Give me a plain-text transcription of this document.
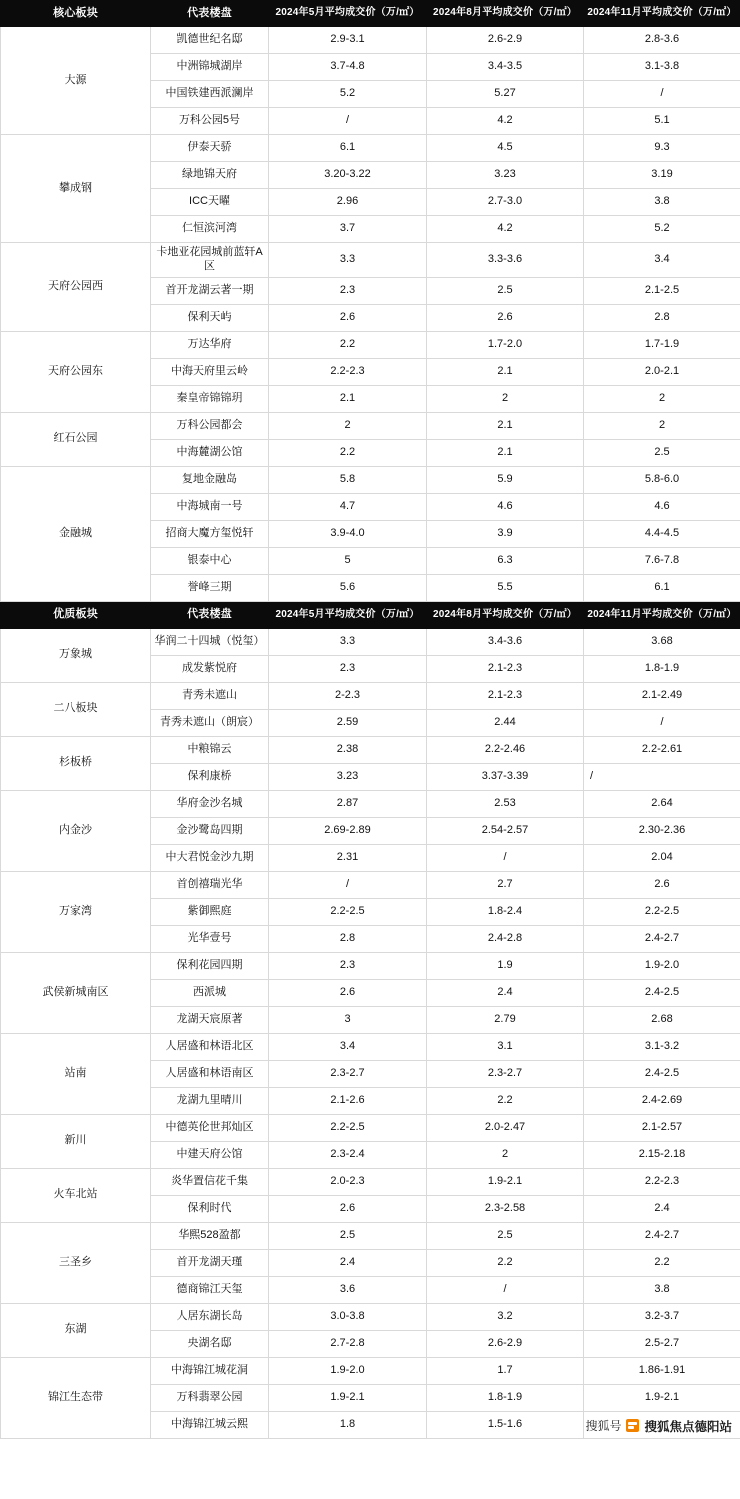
核心板块	代表楼盘	2024年5月平均成交价（万/㎡）	2024年8月平均成交价（万/㎡）	2024年11月平均成交价（万/㎡）
大源	凯德世纪名邸	2.9-3.1	2.6-2.9	2.8-3.6
	中洲锦城湖岸	3.7-4.8	3.4-3.5	3.1-3.8
	中国铁建西派澜岸	5.2	5.27	/
	万科公园5号	/	4.2	5.1
攀成钢	伊泰天骄	6.1	4.5	9.3
	绿地锦天府	3.20-3.22	3.23	3.19
	ICC天曜	2.96	2.7-3.0	3.8
	仁恒滨河湾	3.7	4.2	5.2
天府公园西	卡地亚花园城前蓝轩A区	3.3	3.3-3.6	3.4
	首开龙湖云著一期	2.3	2.5	2.1-2.5
	保利天屿	2.6	2.6	2.8
天府公园东	万达华府	2.2	1.7-2.0	1.7-1.9
	中海天府里云岭	2.2-2.3	2.1	2.0-2.1
	秦皇帝锦锦玥	2.1	2	2
红石公园	万科公园都会	2	2.1	2
	中海麓湖公馆	2.2	2.1	2.5
金融城	复地金融岛	5.8	5.9	5.8-6.0
	中海城南一号	4.7	4.6	4.6
	招商大魔方玺悦轩	3.9-4.0	3.9	4.4-4.5
	银泰中心	5	6.3	7.6-7.8
	誉峰三期	5.6	5.5	6.1
优质板块	代表楼盘	2024年5月平均成交价（万/㎡）	2024年8月平均成交价（万/㎡）	2024年11月平均成交价（万/㎡）
万象城	华润二十四城（悦玺）	3.3	3.4-3.6	3.68
	成发紫悦府	2.3	2.1-2.3	1.8-1.9
二八板块	青秀未遮山	2-2.3	2.1-2.3	2.1-2.49
	青秀未遮山（朗宸）	2.59	2.44	/
杉板桥	中粮锦云	2.38	2.2-2.46	2.2-2.61
	保利康桥	3.23	3.37-3.39	/
内金沙	华府金沙名城	2.87	2.53	2.64
	金沙鹭岛四期	2.69-2.89	2.54-2.57	2.30-2.36
	中大君悦金沙九期	2.31	/	2.04
万家湾	首创禧瑞光华	/	2.7	2.6
	紫御熙庭	2.2-2.5	1.8-2.4	2.2-2.5
	光华壹号	2.8	2.4-2.8	2.4-2.7
武侯新城南区	保利花园四期	2.3	1.9	1.9-2.0
	西派城	2.6	2.4	2.4-2.5
	龙湖天宸原著	3	2.79	2.68
站南	人居盛和林语北区	3.4	3.1	3.1-3.2
	人居盛和林语南区	2.3-2.7	2.3-2.7	2.4-2.5
	龙湖九里晴川	2.1-2.6	2.2	2.4-2.69
新川	中德英伦世邦灿区	2.2-2.5	2.0-2.47	2.1-2.57
	中建天府公馆	2.3-2.4	2	2.15-2.18
火车北站	炎华置信花千集	2.0-2.3	1.9-2.1	2.2-2.3
	保利时代	2.6	2.3-2.58	2.4
三圣乡	华熙528盈都	2.5	2.5	2.4-2.7
	首开龙湖天瑾	2.4	2.2	2.2
	德商锦江天玺	3.6	/	3.8
东湖	人居东湖长岛	3.0-3.8	3.2	3.2-3.7
	央湖名邸	2.7-2.8	2.6-2.9	2.5-2.7
锦江生态带	中海锦江城花洞	1.9-2.0	1.7	1.86-1.91
	万科翡翠公园	1.9-2.1	1.8-1.9	1.9-2.1
	中海锦江城云熙	1.8	1.5-1.6		搜狐号 搜狐焦点德阳站
